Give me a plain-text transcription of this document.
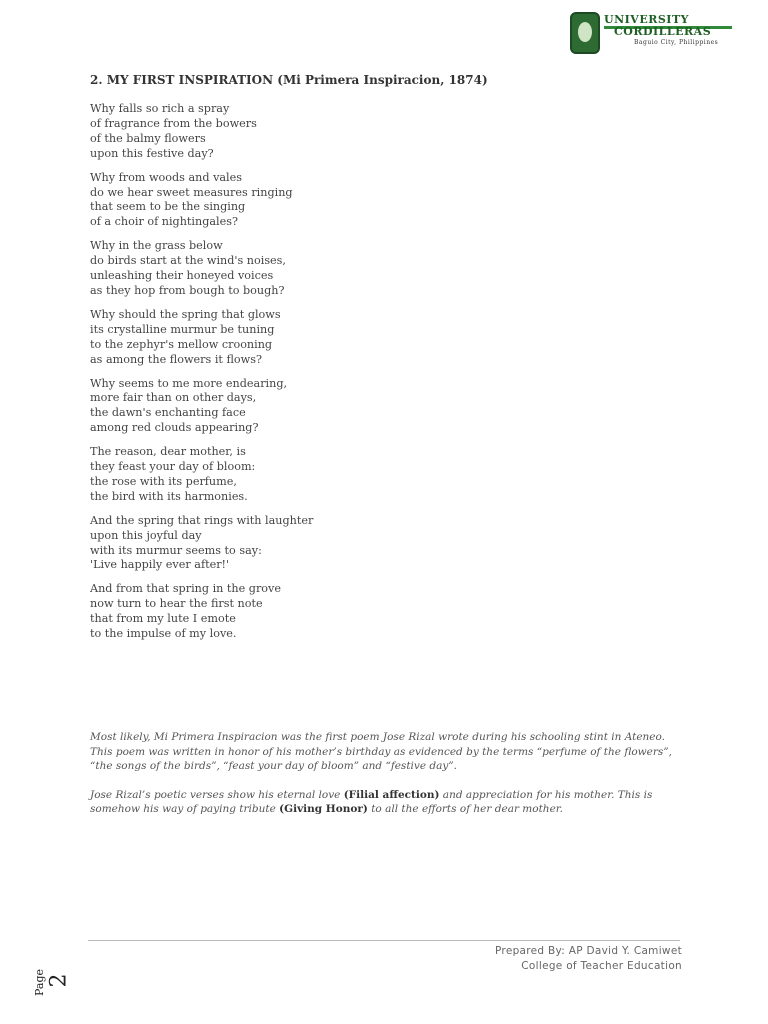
UNIVERSITY
CORDILLERAS
Baguio City, Philippines
2. MY FIRST INSPIRATION (Mi Primera Inspiracion, 1874)
Why falls so rich a spray
of fragrance from the bowers
of the balmy flowers
upon this festive day?
Why from woods and vales
do we hear sweet measures ringing
that seem to be the singing
of a choir of nightingales?
Why in the grass below
do birds start at the wind's noises,
unleashing their honeyed voices
as they hop from bough to bough?
Why should the spring that glows
its crystalline murmur be tuning
to the zephyr's mellow crooning
as among the flowers it flows?
Why seems to me more endearing,
more fair than on other days,
the dawn's enchanting face
among red clouds appearing?
The reason, dear mother, is
they feast your day of bloom:
the rose with its perfume,
the bird with its harmonies.
And the spring that rings with laughter
upon this joyful day
with its murmur seems to say:
'Live happily ever after!'
And from that spring in the grove
now turn to hear the first note
that from my lute I emote
to the impulse of my love.

Most likely, Mi Primera Inspiracion was the first poem Jose Rizal wrote during his schooling stint in Ateneo. This poem was written in honor of his mother’s birthday as evidenced by the terms “perfume of the flowers”, “the songs of the birds”, “feast your day of bloom” and “festive day”.

Jose Rizal’s poetic verses show his eternal love (Filial affection) and appreciation for his mother. This is somehow his way of paying tribute (Giving Honor) to all the efforts of her dear mother.

Prepared By: AP David Y. Camiwet
College of Teacher Education
Page 2
